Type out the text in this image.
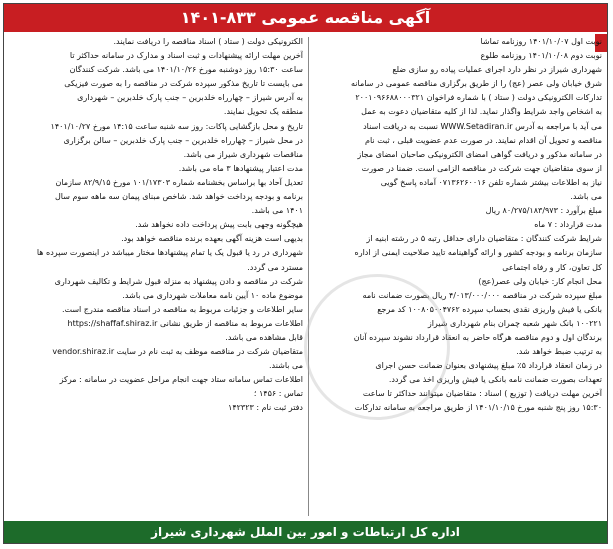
آگهی مناقصه عمومی ۸۳۳-۱۴۰۱
نوبت اول ۱۴۰۱/۱۰/۰۷ روزنامه تماشا
نوبت دوم ۱۴۰۱/۱۰/۰۸ روزنامه طلوع
شهرداری شیراز در نظر دارد اجرای عملیات پیاده رو سازی ضلع
شرق خیابان ولی عصر (عج) را از طریق برگزاری مناقصه عمومی در سامانه
تدارکات الکترونیکی دولت ( ستاد ) با شماره فراخوان ۲۰۰۱۰۹۶۶۸۸۰۰۰۳۲۱
به اشخاص واجد شرایط واگذار نماید. لذا از کلیه متقاضیان دعوت به عمل
می آید با مراجعه به آدرس WWW.Setadiran.ir نسبت به دریافت اسناد
مناقصه و تحویل آن اقدام نمایند. در صورت عدم عضویت قبلی ، ثبت نام
در سامانه مذکور و دریافت گواهی امضای الکترونیکی صاحبان امضای مجاز
از سوی متقاضیان جهت شرکت در مناقصه الزامی است. ضمنا در صورت
نیاز به اطلاعات بیشتر شماره تلفن ۰۷۱۳۶۲۶۰۰۱۶ آماده پاسخ گویی
می باشد.
مبلغ برآورد : ۸۰/۲۷۵/۱۸۳/۹۷۳ ریال
مدت قرارداد : ۷ ماه
شرایط شرکت کنندگان : متقاضیان دارای حداقل رتبه ۵ در رشته ابنیه از
سازمان برنامه و بودجه کشور و ارائه گواهینامه تایید صلاحیت ایمنی از اداره
کل تعاون، کار و رفاه اجتماعی
محل انجام کار: خیابان ولی عصر(عج)
مبلغ سپرده شرکت در مناقصه ۴/۰۱۳/۰۰۰/۰۰۰ ریال بصورت ضمانت نامه
بانکی یا فیش واریزی نقدی بحساب سپرده ۱۰۰۸۰۵۰۰۴۷۶۲ کد مرجع
۱۰۰۲۲۱ بانک شهر شعبه چمران بنام شهرداری شیراز
برندگان اول و دوم مناقصه هرگاه حاضر به انعقاد قرارداد نشوند سپرده آنان
به ترتیب ضبط خواهد شد.
در زمان انعقاد قرارداد ۵٪ مبلغ پیشنهادی بعنوان ضمانت حسن اجرای
تعهدات بصورت ضمانت نامه بانکی یا فیش واریزی اخذ می گردد.
آخرین مهلت دریافت ( توزیع ) اسناد : متقاضیان میتوانند حداکثر تا ساعت
۱۵:۳۰ روز پنج شنبه مورخ ۱۴۰۱/۱۰/۱۵ از طریق مراجعه به سامانه تدارکات
الکترونیکی دولت ( ستاد ) اسناد مناقصه را دریافت نمایند.
آخرین مهلت ارائه پیشنهادات و ثبت اسناد و مدارک در سامانه حداکثر تا
ساعت ۱۵:۳۰ روز دوشنبه مورخ ۱۴۰۱/۱۰/۲۶ می باشد. شرکت کنندگان
می بایست تا تاریخ مذکور سپرده شرکت در مناقصه را به صورت فیزیکی
به آدرس شیراز – چهارراه خلدبرین – جنب پارک خلدبرین – شهرداری
منطقه یک تحویل نمایند.
تاریخ و محل بازگشایی پاکات: روز سه شنبه ساعت ۱۴:۱۵ مورخ ۱۴۰۱/۱۰/۲۷
در محل شیراز – چهارراه خلدبرین – جنب پارک خلدبرین – سالن برگزاری
مناقصات شهرداری شیراز می باشد.
مدت اعتبار پیشنهادها ۳ ماه می باشد.
تعدیل آحاد بها براساس بخشنامه شماره ۱۰۱/۱۷۳۰۳ مورخ ۸۲/۹/۱۵ سازمان
برنامه و بودجه پرداخت خواهد شد. شاخص مبنای پیمان سه ماهه سوم سال
۱۴۰۱ می باشد.
هیچگونه وجهی بابت پیش پرداخت داده نخواهد شد.
بدیهی است هزینه آگهی بعهده برنده مناقصه خواهد بود.
شهرداری در رد یا قبول یک یا تمام پیشنهادها مختار میباشد در اینصورت سپرده ها
مسترد می گردد.
شرکت در مناقصه و دادن پیشنهاد به منزله قبول شرایط و تکالیف شهرداری
موضوع ماده ۱۰ آیین نامه معاملات شهرداری می باشد.
سایر اطلاعات و جزئیات مربوط به مناقصه در اسناد مناقصه مندرج است.
اطلاعات مربوط به مناقصه از طریق نشانی https://shaffaf.shiraz.ir
قابل مشاهده می باشد.
متقاضیان شرکت در مناقصه موظف به ثبت نام در سایت vendor.shiraz.ir
می باشند.
اطلاعات تماس سامانه ستاد جهت انجام مراحل عضویت در سامانه : مرکز
تماس : ۱۴۵۶ ؛
دفتر ثبت نام : ۱۴۲۳۲۳
اداره کل ارتباطات و امور بین الملل شهرداری شیراز
